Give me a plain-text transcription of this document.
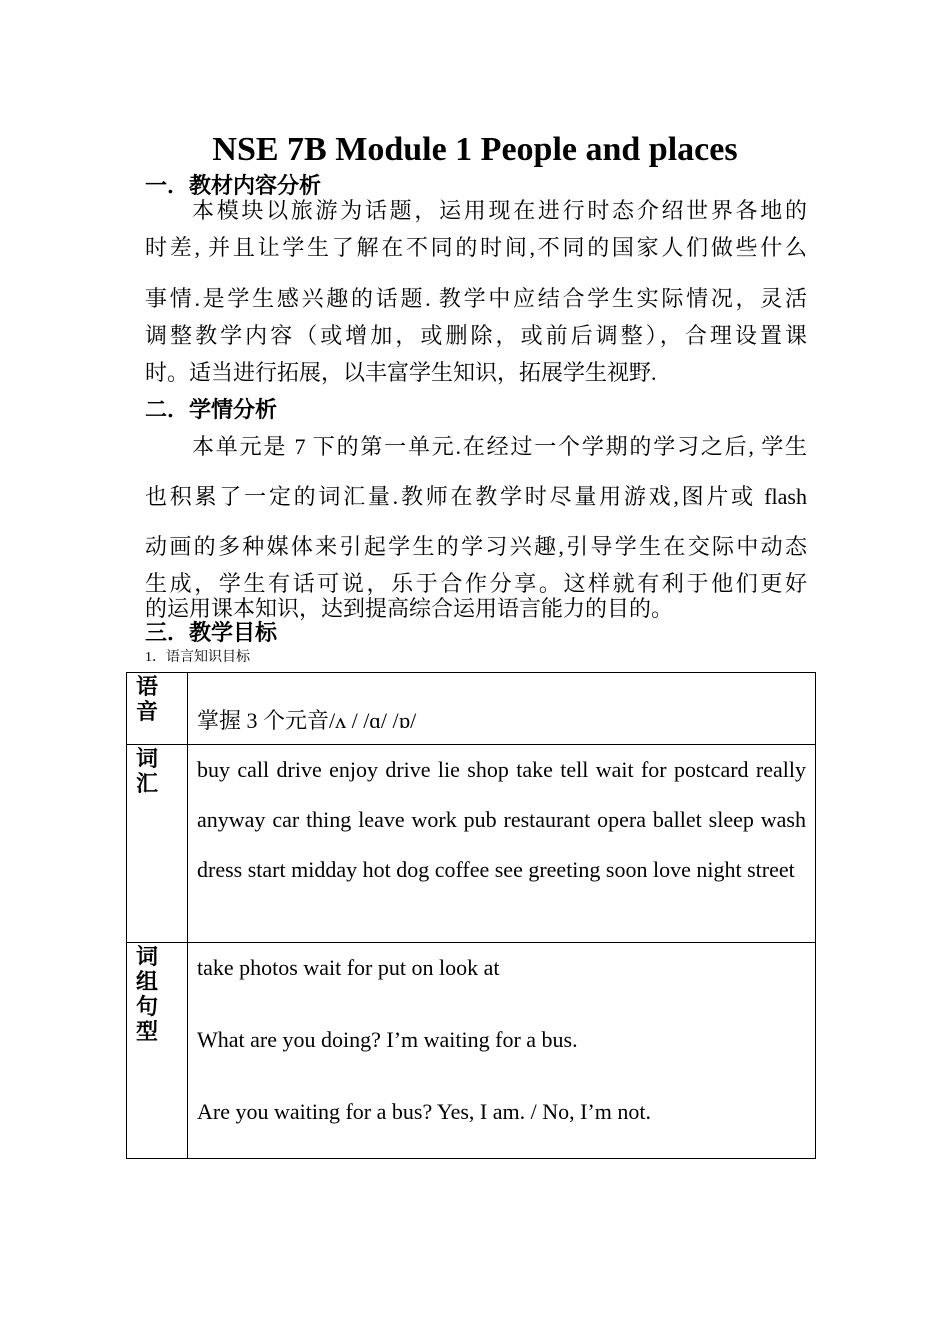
NSE 7B Module 1 People and places
一．教材内容分析
本模块以旅游为话题，运用现在进行时态介绍世界各地的
时差, 并且让学生了解在不同的时间,不同的国家人们做些什么
事情.是学生感兴趣的话题. 教学中应结合学生实际情况，灵活
调整教学内容（或增加，或删除，或前后调整），合理设置课
时。适当进行拓展，以丰富学生知识，拓展学生视野.
二．学情分析
本单元是 7 下的第一单元.在经过一个学期的学习之后, 学生
也积累了一定的词汇量.教师在教学时尽量用游戏,图片或 flash
动画的多种媒体来引起学生的学习兴趣,引导学生在交际中动态
生成，学生有话可说，乐于合作分享。这样就有利于他们更好
的运用课本知识，达到提高综合运用语言能力的目的。
三．教学目标
1．语言知识目标
语音	掌握 3 个元音/ʌ / /ɑ/ /ɒ/

词汇	buy call drive enjoy drive lie shop take tell wait for postcard really anyway car thing leave work pub restaurant opera ballet sleep wash dress start midday hot dog coffee see greeting soon love night street

词组句型	take photos wait for put on look at
What are you doing? I’m waiting for a bus.
Are you waiting for a bus? Yes, I am. / No, I’m not.
